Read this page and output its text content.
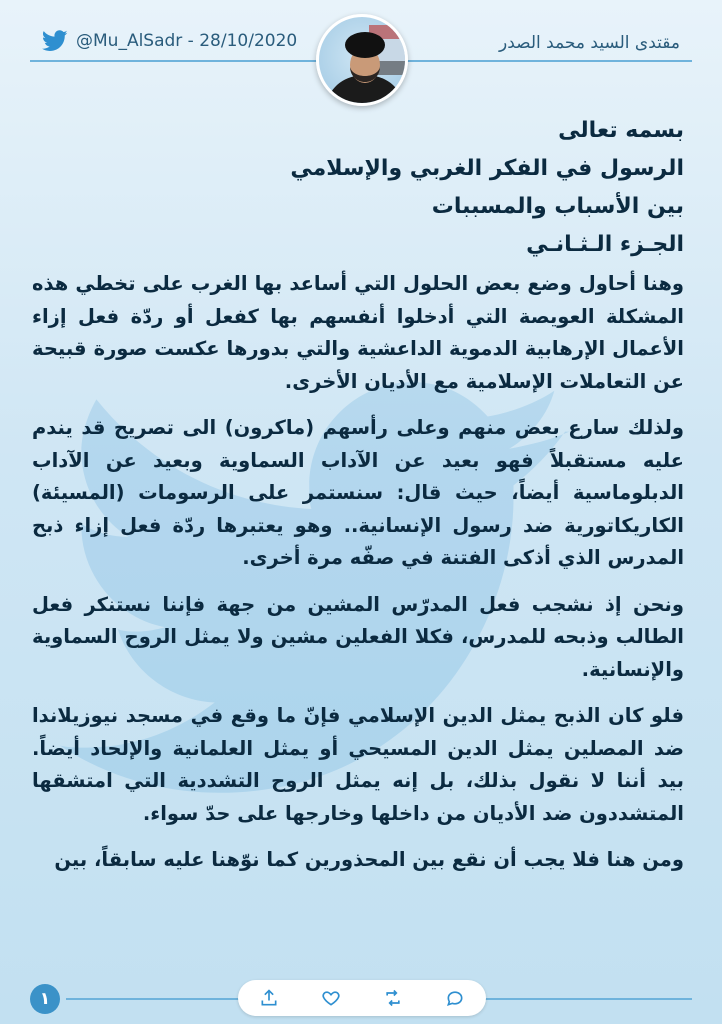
@Mu_AlSadr - 28/10/2020	مقتدى السيد محمد الصدر
بسمه تعالى
الرسول في الفكر الغربي والإسلامي
بين الأسباب والمسببات
الجـزء الـثـانـي

وهنا أحاول وضع بعض الحلول التي أساعد بها الغرب على تخطي هذه المشكلة العويصة التي أدخلوا أنفسهم بها كفعل أو ردّة فعل إزاء الأعمال الإرهابية الدموية الداعشية والتي بدورها عكست صورة قبيحة عن التعاملات الإسلامية مع الأديان الأخرى.

ولذلك سارع بعض منهم وعلى رأسهم (ماكرون) الى تصريح قد يندم عليه مستقبلاً فهو بعيد عن الآداب السماوية وبعيد عن الآداب الدبلوماسية أيضاً، حيث قال: سنستمر على الرسومات (المسيئة) الكاريكاتورية ضد رسول الإنسانية.. وهو يعتبرها ردّة فعل إزاء ذبح المدرس الذي أذكى الفتنة في صفّه مرة أخرى.

ونحن إذ نشجب فعل المدرّس المشين من جهة فإننا نستنكر فعل الطالب وذبحه للمدرس، فكلا الفعلين مشين ولا يمثل الروح السماوية والإنسانية.

فلو كان الذبح يمثل الدين الإسلامي فإنّ ما وقع في مسجد نيوزيلاندا ضد المصلين يمثل الدين المسيحي أو يمثل العلمانية والإلحاد أيضاً. بيد أننا لا نقول بذلك، بل إنه يمثل الروح التشددية التي امتشقها المتشددون ضد الأديان من داخلها وخارجها على حدّ سواء.

ومن هنا فلا يجب أن نقع بين المحذورين كما نوّهنا عليه سابقاً، بين

١
